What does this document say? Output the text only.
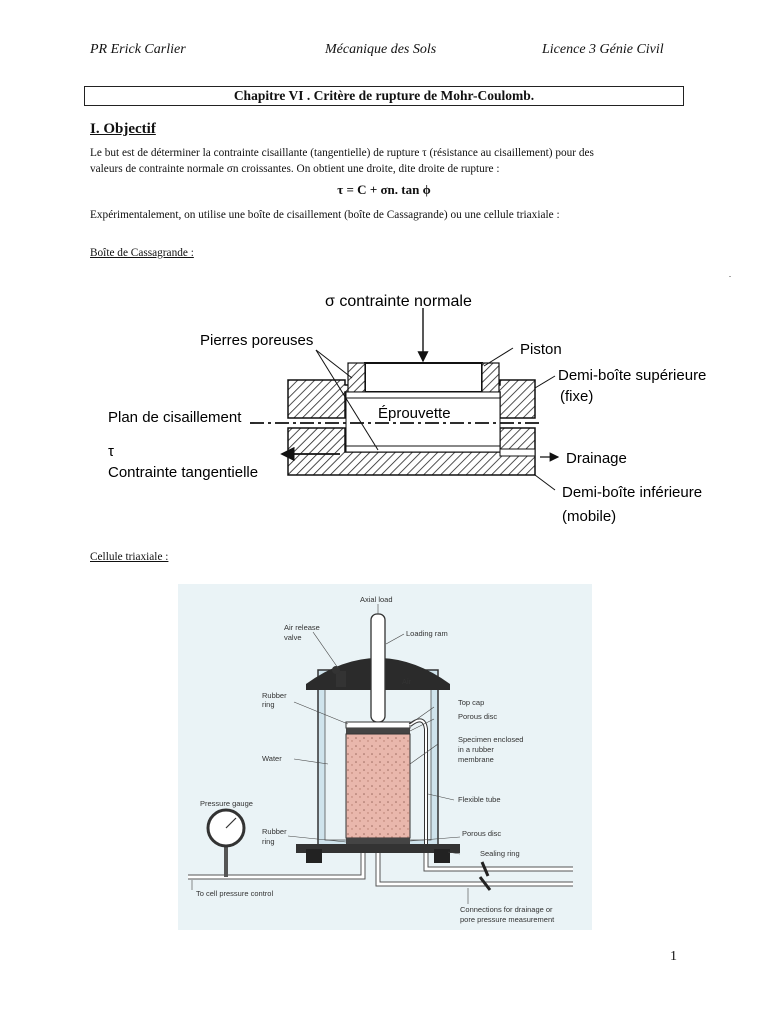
PR Erick Carlier	Mécanique des Sols	Licence 3 Génie Civil
Chapitre VI . Critère de rupture de Mohr-Coulomb.
I. Objectif
Le but est de déterminer la contrainte cisaillante (tangentielle) de rupture τ (résistance au cisaillement) pour des
valeurs de contrainte normale σn croissantes. On obtient une droite, dite droite de rupture :
τ = C + σn. tan ϕ
Expérimentalement, on utilise une boîte de cisaillement (boîte de Cassagrande) ou une cellule triaxiale :
Boîte de Cassagrande :
.
σ contrainte normale
Pierres poreuses
Piston
Demi-boîte supérieure
(fixe)
Plan de cisaillement	Éprouvette
τ
Contrainte tangentielle
Drainage
Demi-boîte inférieure
(mobile)
Cellule triaxiale :
Axial load
Air release
valve	Loading ram
Air
Rubber
ring	Top cap
Porous disc
Specimen enclosed
in a rubber
membrane
Water
Flexible tube
Pressure gauge
Rubber
ring
Porous disc
Sealing ring
To cell pressure control
Connections for drainage or
pore pressure measurement
1
